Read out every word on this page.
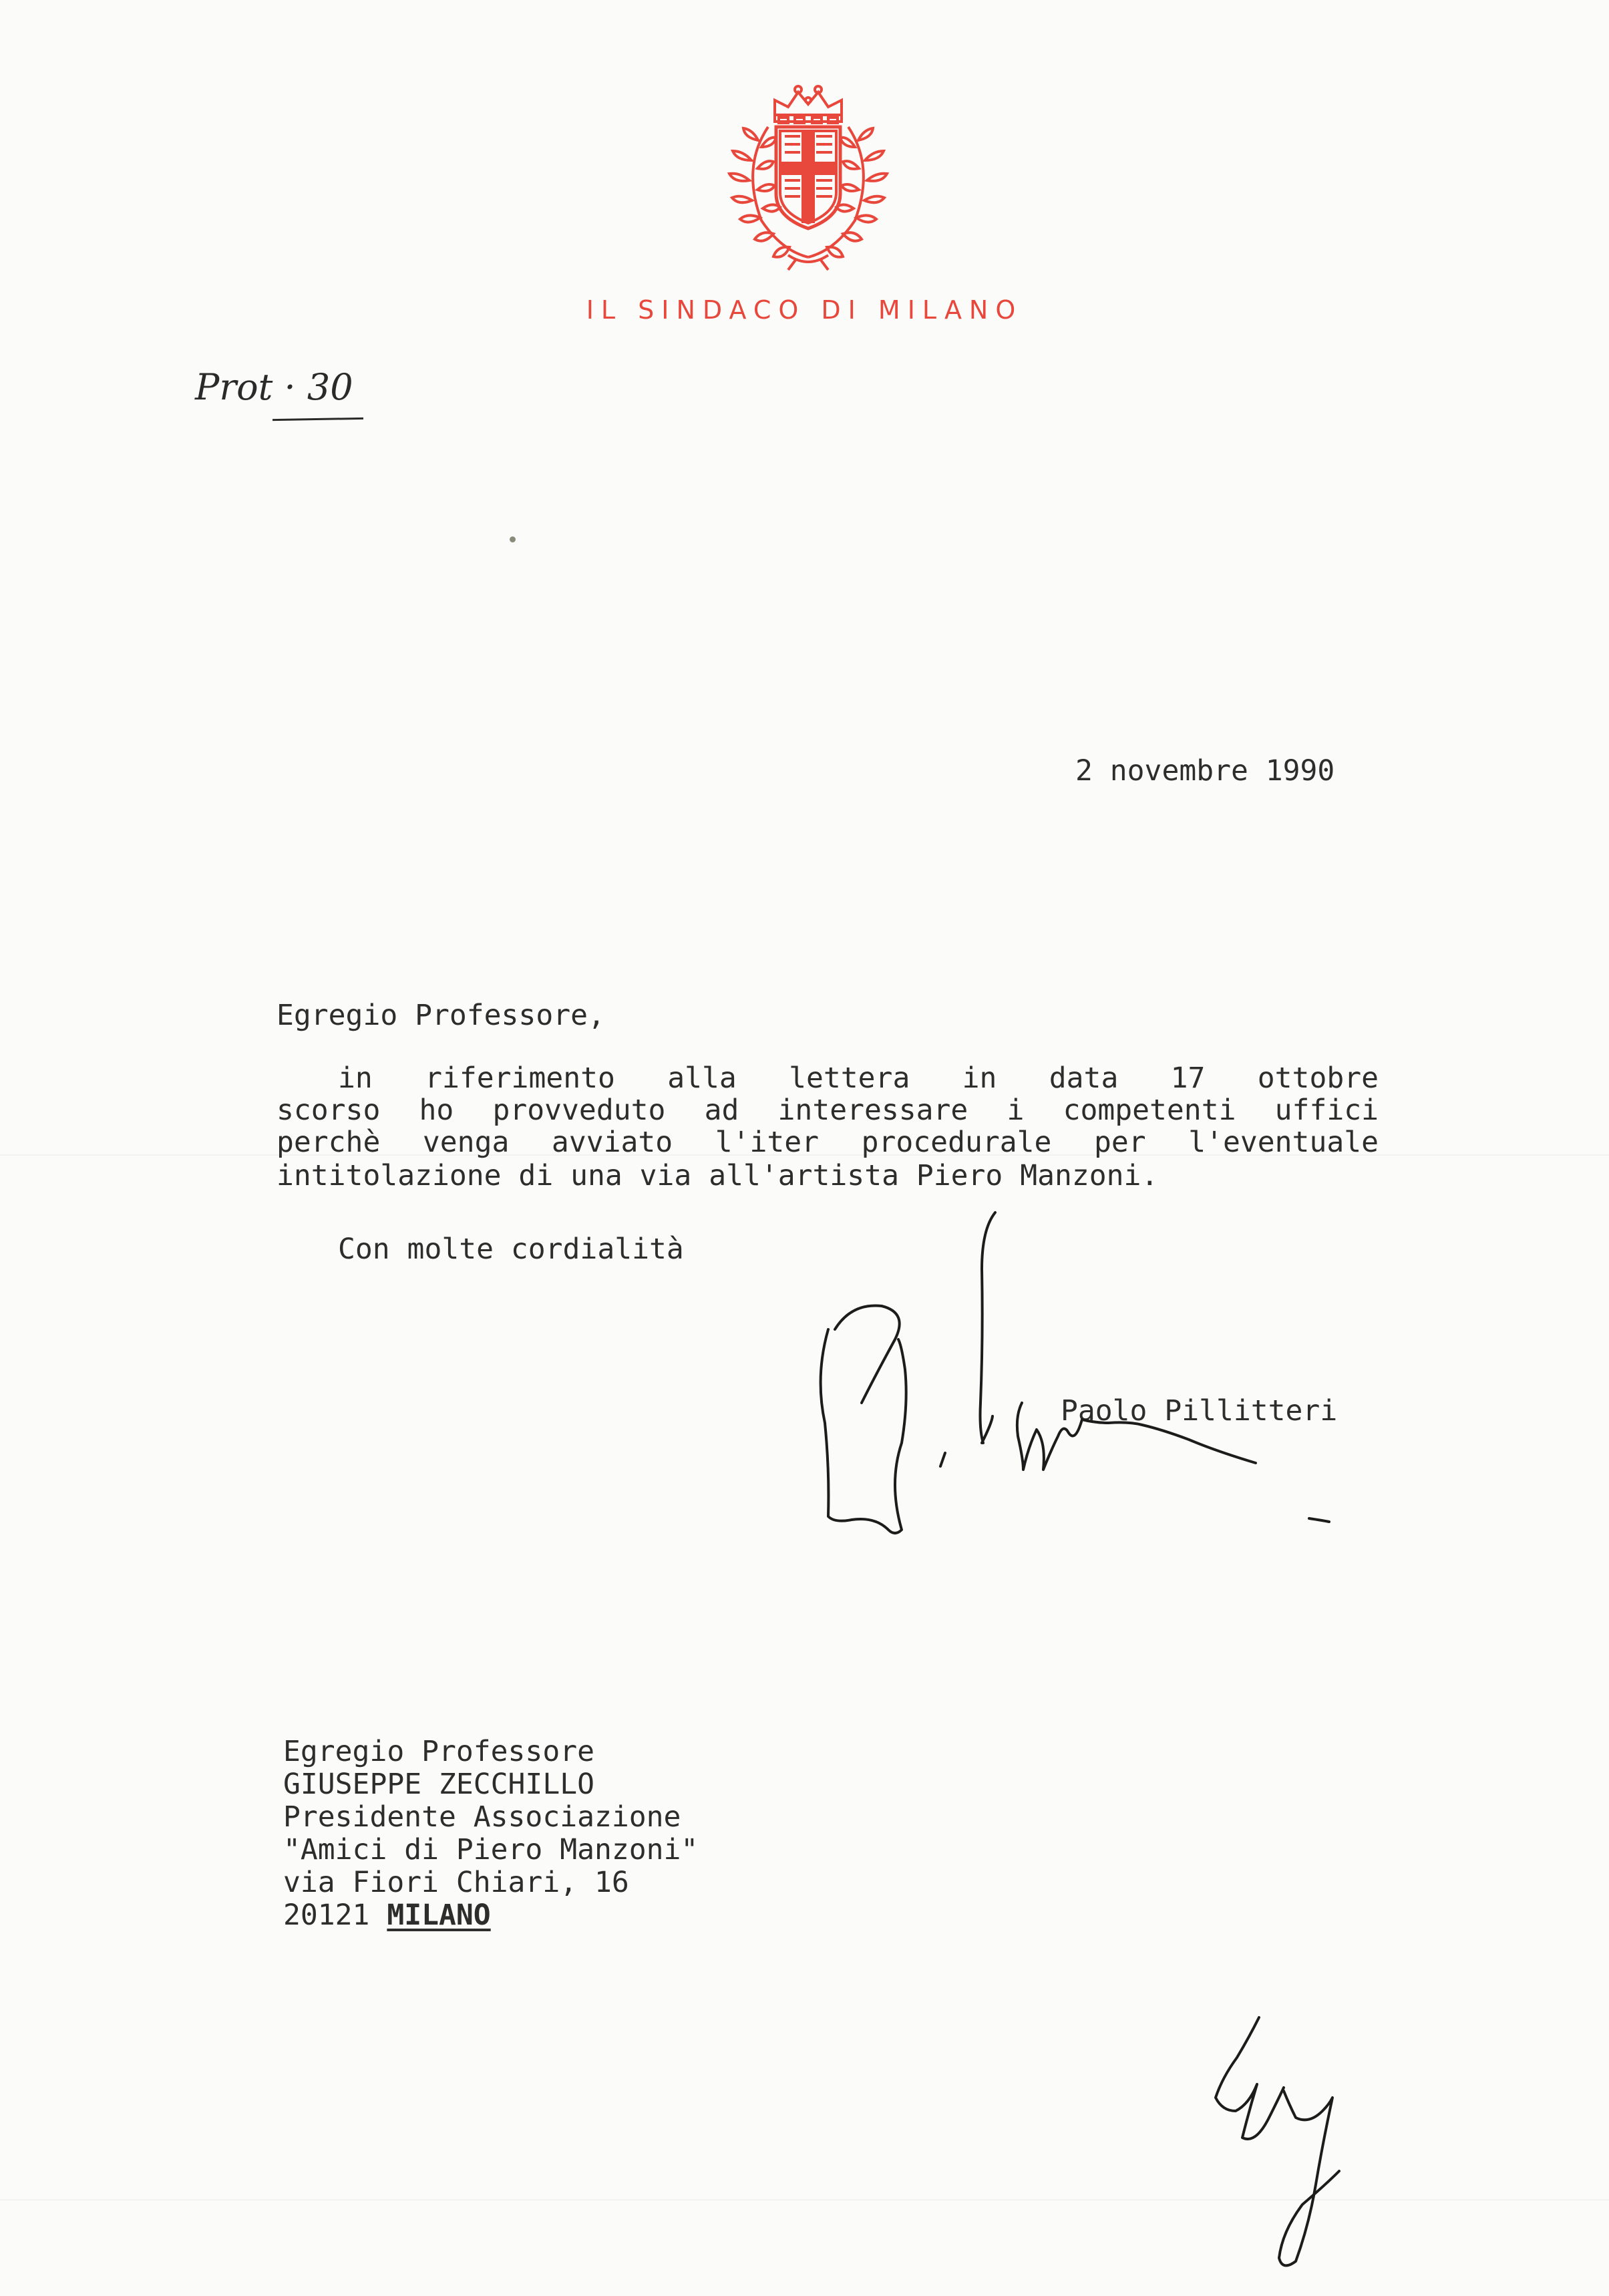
IL SINDACO DI MILANO
Prot · 30
2 novembre 1990
Egregio Professore,
in riferimento alla lettera in data 17 ottobre
scorso ho provveduto ad interessare i competenti uffici
perchè venga avviato l'iter procedurale per l'eventuale
intitolazione di una via all'artista Piero Manzoni.
Con molte cordialità
Paolo Pillitteri
Egregio Professore
GIUSEPPE ZECCHILLO
Presidente Associazione
"Amici di Piero Manzoni"
via Fiori Chiari, 16
20121 MILANO
